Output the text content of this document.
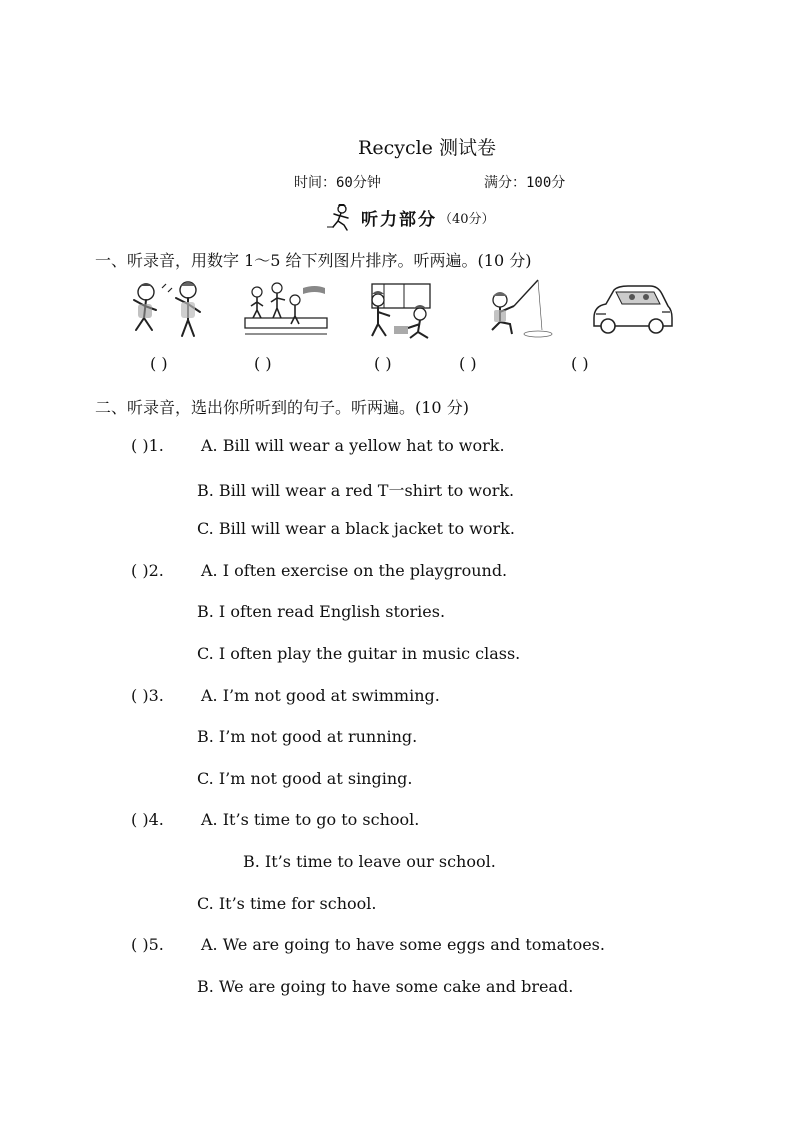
Recycle 测试卷
时间：60分钟	满分：100分
听力部分 （40分）
一、听录音，用数字 1～5 给下列图片排序。听两遍。(10 分)
( )	( )	( )	( )	( )
二、听录音，选出你所听到的句子。听两遍。(10 分)
( )1. A. Bill will wear a yellow hat to work.
B. Bill will wear a red T一shirt to work.
C. Bill will wear a black jacket to work.
( )2. A. I often exercise on the playground.
B. I often read English stories.
C. I often play the guitar in music class.
( )3. A. I’m not good at swimming.
B. I’m not good at running.
C. I’m not good at singing.
( )4. A. It’s time to go to school.
B. It’s time to leave our school.
C. It’s time for school.
( )5. A. We are going to have some eggs and tomatoes.
B. We are going to have some cake and bread.
